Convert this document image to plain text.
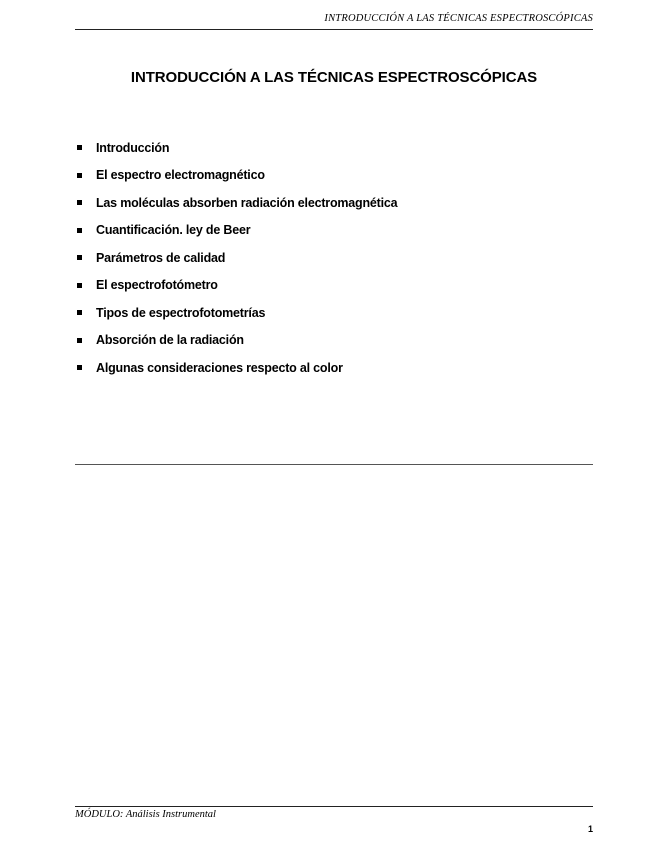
INTRODUCCIÓN A LAS TÉCNICAS ESPECTROSCÓPICAS
INTRODUCCIÓN A LAS TÉCNICAS ESPECTROSCÓPICAS
Introducción
El espectro electromagnético
Las moléculas absorben radiación electromagnética
Cuantificación. ley de Beer
Parámetros de calidad
El espectrofotómetro
Tipos de espectrofotometrías
Absorción de la radiación
Algunas consideraciones respecto al color
MÓDULO: Análisis Instrumental
1
